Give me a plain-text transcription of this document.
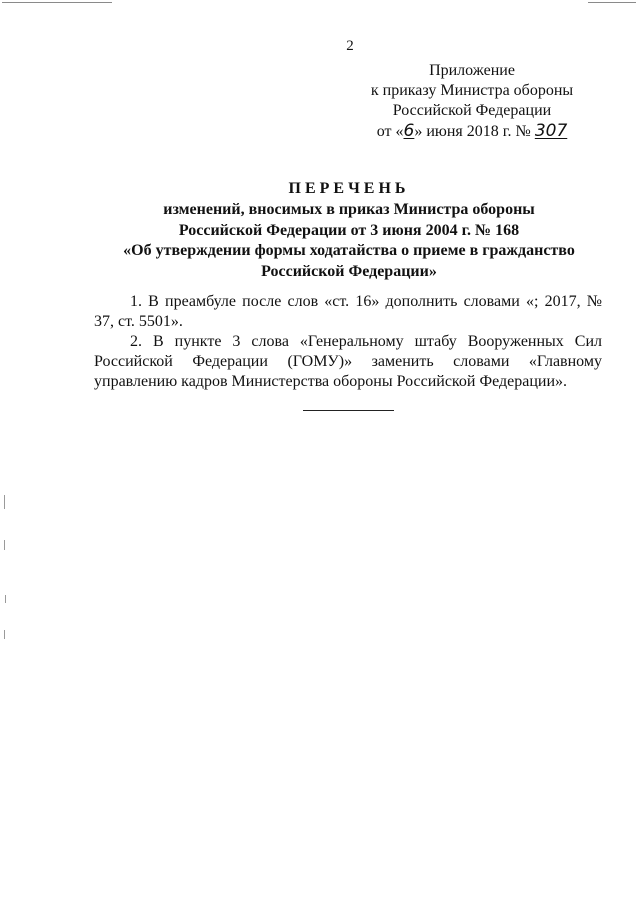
2
Приложение
к приказу Министра обороны
Российской Федерации
от «6» июня 2018 г. № 307
ПЕРЕЧЕНЬ
изменений, вносимых в приказ Министра обороны
Российской Федерации от 3 июня 2004 г. № 168
«Об утверждении формы ходатайства о приеме в гражданство
Российской Федерации»

1. В преамбуле после слов «ст. 16» дополнить словами «; 2017, № 37, ст. 5501».

2. В пункте 3 слова «Генеральному штабу Вооруженных Сил Российской Федерации (ГОМУ)» заменить словами «Главному управлению кадров Министерства обороны Российской Федерации».
